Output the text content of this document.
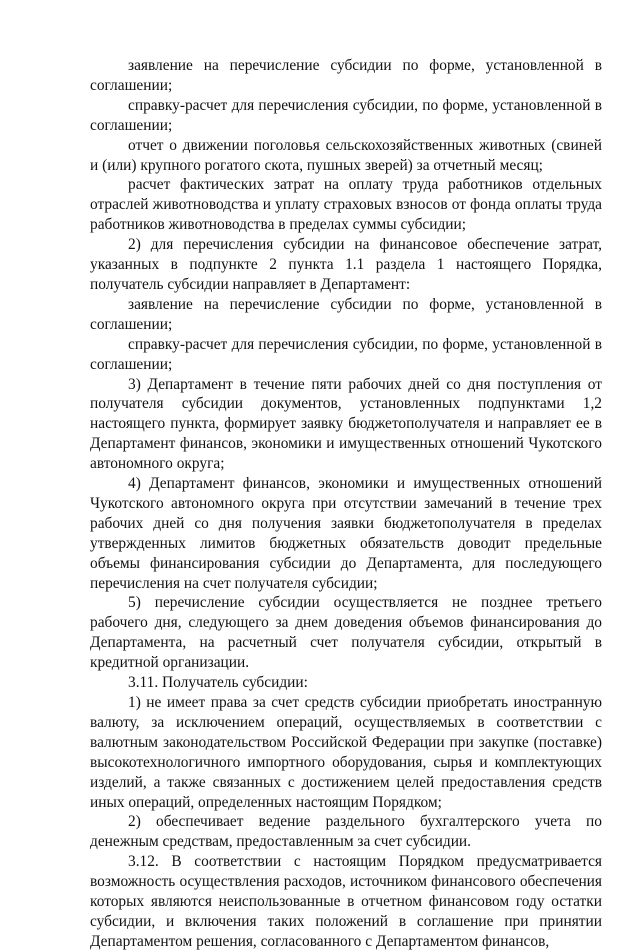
заявление на перечисление субсидии по форме, установленной в соглашении;

справку-расчет для перечисления субсидии, по форме, установленной в соглашении;

отчет о движении поголовья сельскохозяйственных животных (свиней и (или) крупного рогатого скота, пушных зверей) за отчетный месяц;

расчет фактических затрат на оплату труда работников отдельных отраслей животноводства и уплату страховых взносов от фонда оплаты труда работников животноводства в пределах суммы субсидии;

2) для перечисления субсидии на финансовое обеспечение затрат, указанных в подпункте 2 пункта 1.1 раздела 1 настоящего Порядка, получатель субсидии направляет в Департамент:

заявление на перечисление субсидии по форме, установленной в соглашении;

справку-расчет для перечисления субсидии, по форме, установленной в соглашении;

3) Департамент в течение пяти рабочих дней со дня поступления от получателя субсидии документов, установленных подпунктами 1,2 настоящего пункта, формирует заявку бюджетополучателя и направляет ее в Департамент финансов, экономики и имущественных отношений Чукотского автономного округа;

4) Департамент финансов, экономики и имущественных отношений Чукотского автономного округа при отсутствии замечаний в течение трех рабочих дней со дня получения заявки бюджетополучателя в пределах утвержденных лимитов бюджетных обязательств доводит предельные объемы финансирования субсидии до Департамента, для последующего перечисления на счет получателя субсидии;

5) перечисление субсидии осуществляется не позднее третьего рабочего дня, следующего за днем доведения объемов финансирования до Департамента, на расчетный счет получателя субсидии, открытый в кредитной организации.

3.11. Получатель субсидии:

1) не имеет права за счет средств субсидии приобретать иностранную валюту, за исключением операций, осуществляемых в соответствии с валютным законодательством Российской Федерации при закупке (поставке) высокотехнологичного импортного оборудования, сырья и комплектующих изделий, а также связанных с достижением целей предоставления средств иных операций, определенных настоящим Порядком;

2) обеспечивает ведение раздельного бухгалтерского учета по денежным средствам, предоставленным за счет субсидии.

3.12. В соответствии с настоящим Порядком предусматривается возможность осуществления расходов, источником финансового обеспечения которых являются неиспользованные в отчетном финансовом году остатки субсидии, и включения таких положений в соглашение при принятии Департаментом решения, согласованного с Департаментом финансов,
